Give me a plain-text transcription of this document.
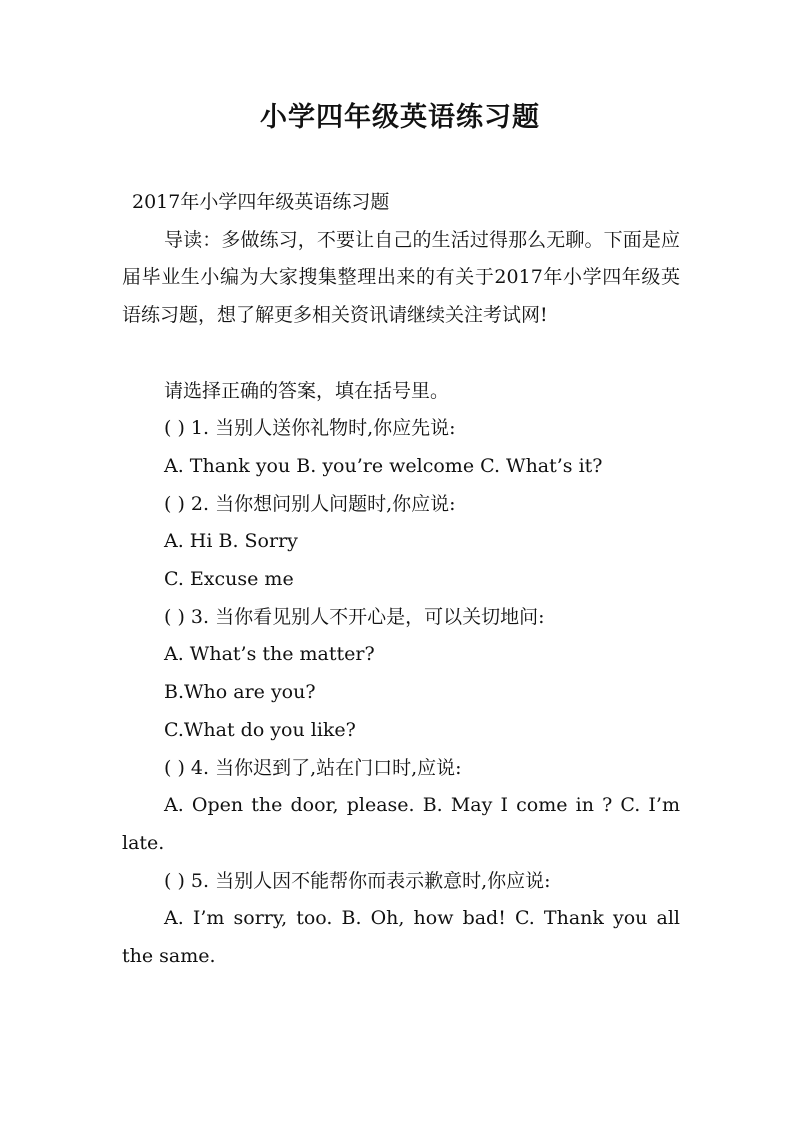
小学四年级英语练习题

2017年小学四年级英语练习题

导读：多做练习，不要让自己的生活过得那么无聊。下面是应届毕业生小编为大家搜集整理出来的有关于2017年小学四年级英语练习题，想了解更多相关资讯请继续关注考试网!

请选择正确的答案，填在括号里。

( ) 1. 当别人送你礼物时,你应先说:

A. Thank you B. you’re welcome C. What’s it?

( ) 2. 当你想问别人问题时,你应说:

A. Hi B. Sorry

C. Excuse me

( ) 3. 当你看见别人不开心是，可以关切地问:

A. What’s the matter?

B.Who are you?

C.What do you like?

( ) 4. 当你迟到了,站在门口时,应说:

A. Open the door, please. B. May I come in ? C. I’m late.

( ) 5. 当别人因不能帮你而表示歉意时,你应说:

A. I’m sorry, too. B. Oh, how bad! C. Thank you all the same.
